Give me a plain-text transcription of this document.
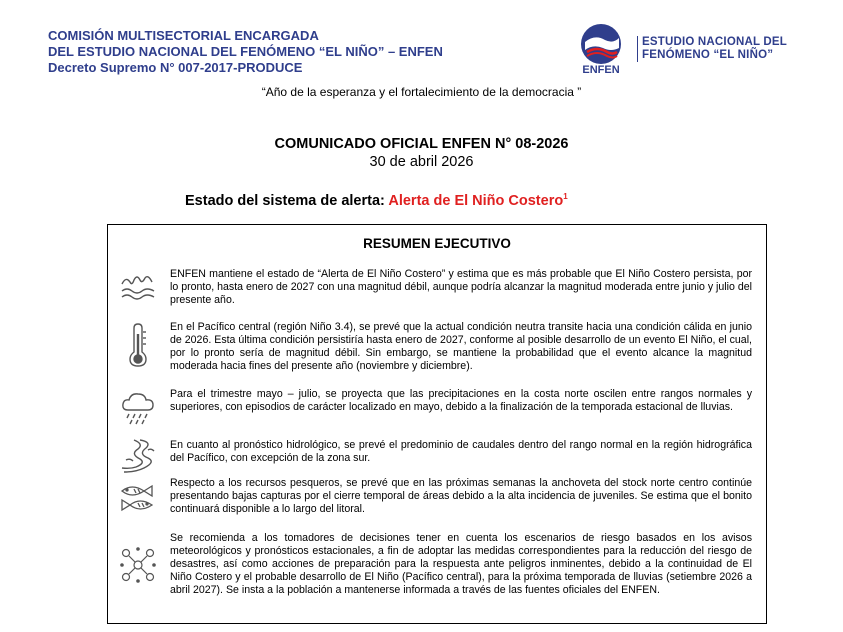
COMISIÓN MULTISECTORIAL ENCARGADA
DEL ESTUDIO NACIONAL DEL FENÓMENO “EL NIÑO” – ENFEN
Decreto Supremo N° 007-2017-PRODUCE	ENFEN
ESTUDIO NACIONAL DEL
FENÓMENO “EL NIÑO”
“Año de la esperanza y el fortalecimiento de la democracia ”
COMUNICADO OFICIAL ENFEN N° 08-2026
30 de abril 2026
Estado del sistema de alerta: Alerta de El Niño Costero$^1$
RESUMEN EJECUTIVO
ENFEN mantiene el estado de “Alerta de El Niño Costero” y estima que es más probable que El Niño Costero persista, por lo pronto, hasta enero de 2027 con una magnitud débil, aunque podría alcanzar la magnitud moderada entre junio y julio del presente año.
En el Pacífico central (región Niño 3.4), se prevé que la actual condición neutra transite hacia una condición cálida en junio de 2026. Esta última condición persistiría hasta enero de 2027, conforme al posible desarrollo de un evento El Niño, el cual, por lo pronto sería de magnitud débil. Sin embargo, se mantiene la probabilidad que el evento alcance la magnitud moderada hacia fines del presente año (noviembre y diciembre).
Para el trimestre mayo – julio, se proyecta que las precipitaciones en la costa norte oscilen entre rangos normales y superiores, con episodios de carácter localizado en mayo, debido a la finalización de la temporada estacional de lluvias.
En cuanto al pronóstico hidrológico, se prevé el predominio de caudales dentro del rango normal en la región hidrográfica del Pacífico, con excepción de la zona sur.
Respecto a los recursos pesqueros, se prevé que en las próximas semanas la anchoveta del stock norte centro continúe presentando bajas capturas por el cierre temporal de áreas debido a la alta incidencia de juveniles. Se estima que el bonito continuará disponible a lo largo del litoral.
Se recomienda a los tomadores de decisiones tener en cuenta los escenarios de riesgo basados en los avisos meteorológicos y pronósticos estacionales, a fin de adoptar las medidas correspondientes para la reducción del riesgo de desastres, así como acciones de preparación para la respuesta ante peligros inminentes, debido a la continuidad de El Niño Costero y el probable desarrollo de El Niño (Pacífico central), para la próxima temporada de lluvias (setiembre 2026 a abril 2027). Se insta a la población a mantenerse informada a través de las fuentes oficiales del ENFEN.
